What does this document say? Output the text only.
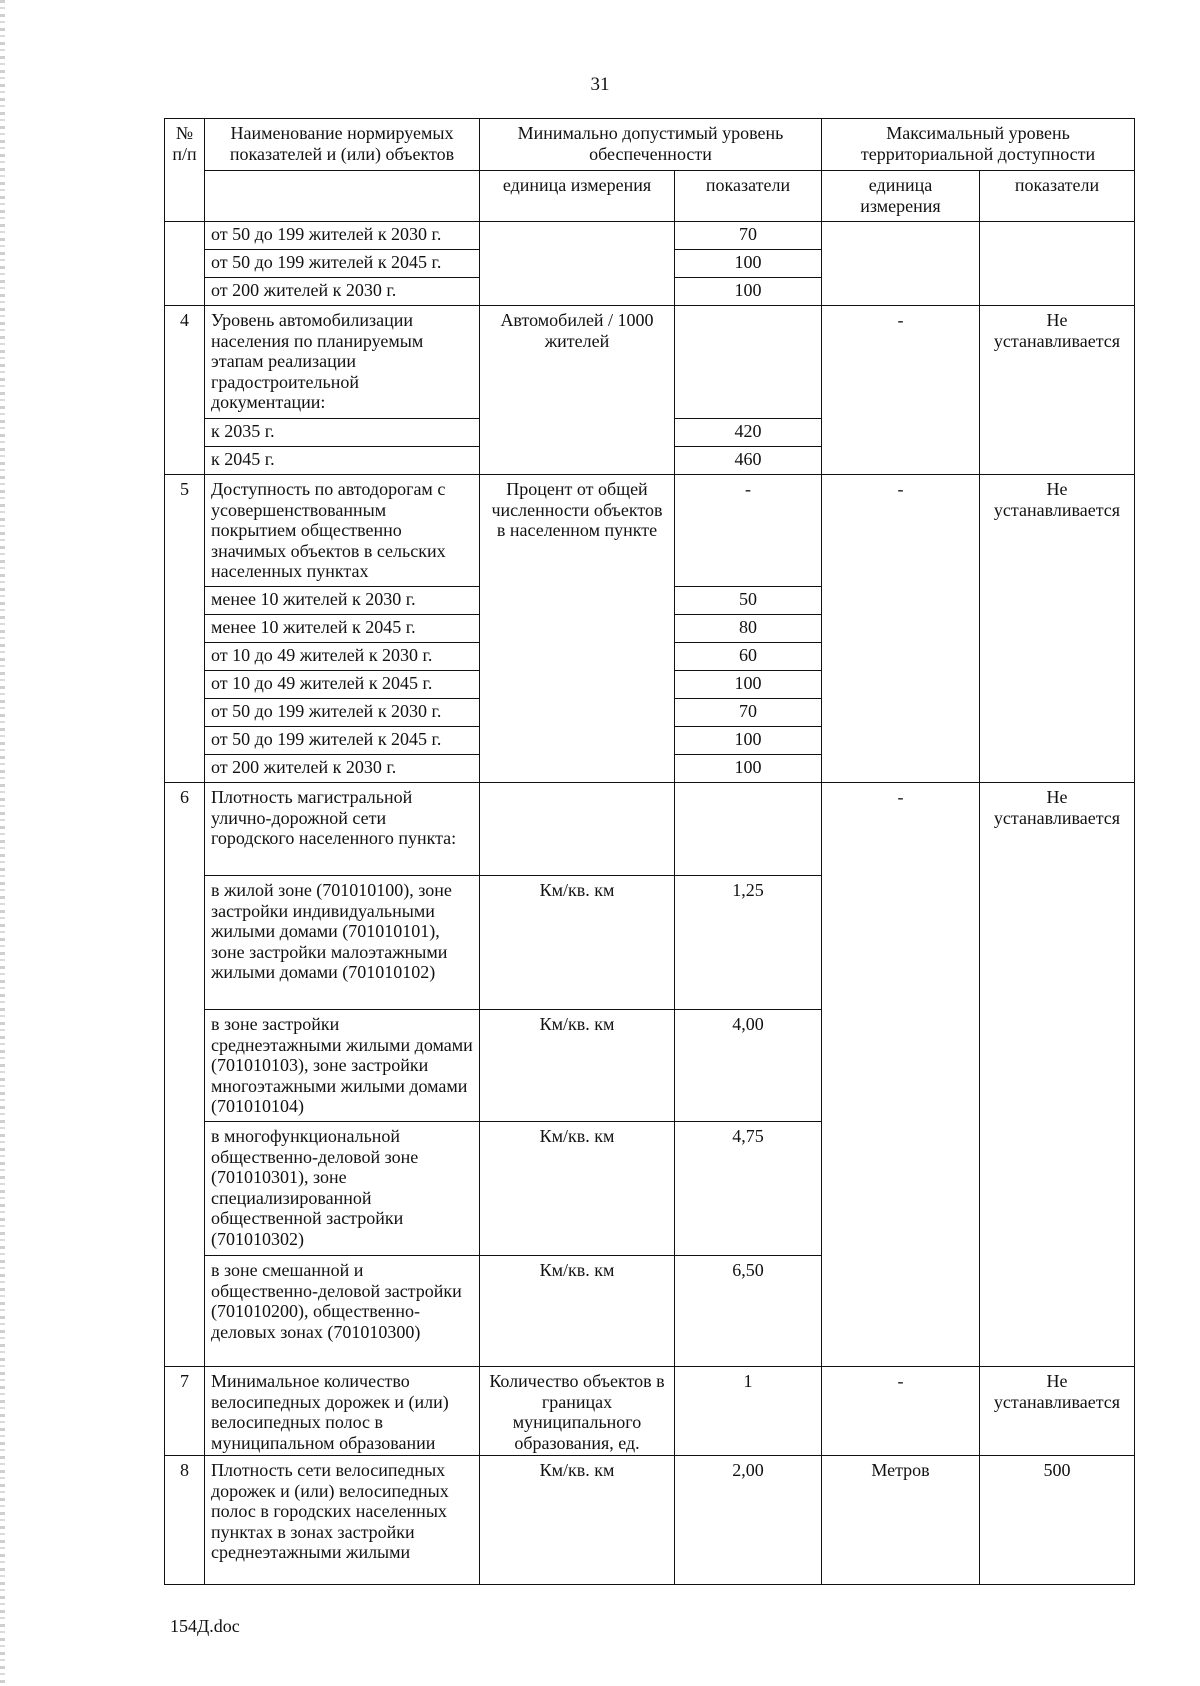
31
№ п/п	Наименование нормируемых показателей и (или) объектов	Минимально допустимый уровень обеспеченности		Максимальный уровень территориальной доступности	
		единица измерения	показатели	единица измерения	показатели
	от 50 до 199 жителей к 2030 г.		70		
	от 50 до 199 жителей к 2045 г.		100		
	от 200 жителей к 2030 г.		100		
4	Уровень автомобилизации населения по планируемым этапам реализации градостроительной документации:	Автомобилей / 1000 жителей		-	Не устанавливается
	к 2035 г.		420		
	к 2045 г.		460		
5	Доступность по автодорогам с усовершенствованным покрытием общественно значимых объектов в сельских населенных пунктах	Процент от общей численности объектов в населенном пункте	-	-	Не устанавливается
	менее 10 жителей к 2030 г.		50		
	менее 10 жителей к 2045 г.		80		
	от 10 до 49 жителей к 2030 г.		60		
	от 10 до 49 жителей к 2045 г.		100		
	от 50 до 199 жителей к 2030 г.		70		
	от 50 до 199 жителей к 2045 г.		100		
	от 200 жителей к 2030 г.		100		
6	Плотность магистральной улично-дорожной сети городского населенного пункта:			-	Не устанавливается
	в жилой зоне (701010100), зоне застройки индивидуальными жилыми домами (701010101), зоне застройки малоэтажными жилыми домами (701010102)	Км/кв. км	1,25		
	в зоне застройки среднеэтажными жилыми домами (701010103), зоне застройки многоэтажными жилыми домами (701010104)	Км/кв. км	4,00		
	в многофункциональной общественно-деловой зоне (701010301), зоне специализированной общественной застройки (701010302)	Км/кв. км	4,75		
	в зоне смешанной и общественно-деловой застройки (701010200), общественно-деловых зонах (701010300)	Км/кв. км	6,50		
7	Минимальное количество велосипедных дорожек и (или) велосипедных полос в муниципальном образовании	Количество объектов в границах муниципального образования, ед.	1	-	Не устанавливается
8	Плотность сети велосипедных дорожек и (или) велосипедных полос в городских населенных пунктах в зонах застройки среднеэтажными жилыми	Км/кв. км	2,00	Метров	500
154Д.doc
